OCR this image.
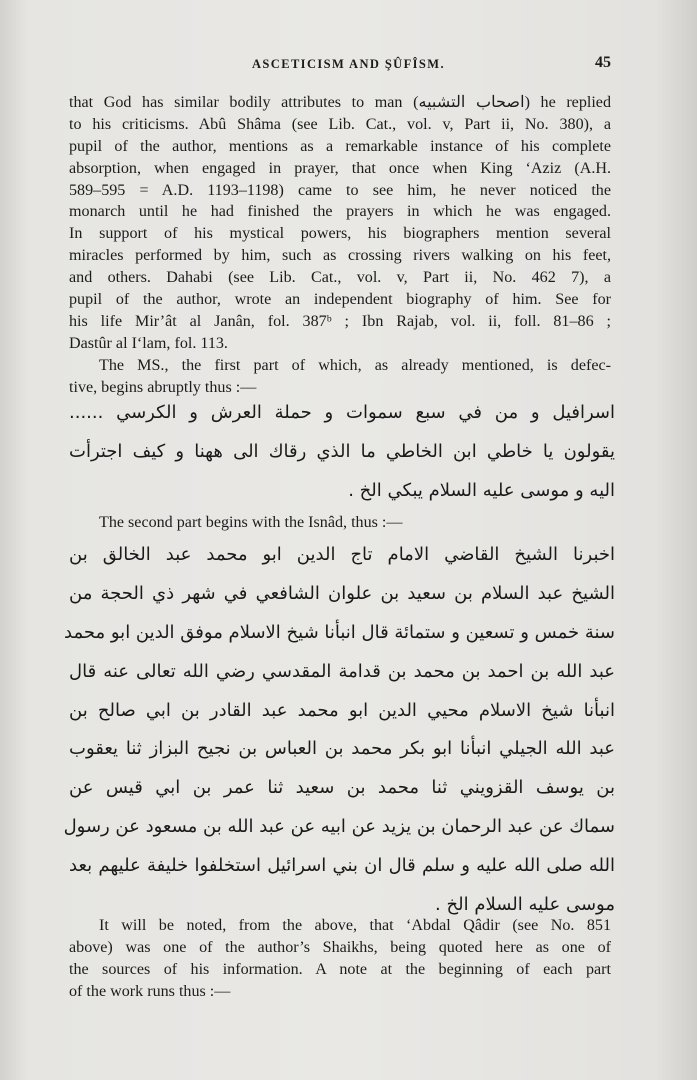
ASCETICISM AND ŞÛFÎSM.	45
that God has similar bodily attributes to man (اصحاب التشبيه) he replied
to his criticisms. Abû Shâma (see Lib. Cat., vol. v, Part ii, No. 380), a
pupil of the author, mentions as a remarkable instance of his complete
absorption, when engaged in prayer, that once when King ‘Aziz (A.H.
589–595 = A.D. 1193–1198) came to see him, he never noticed the
monarch until he had finished the prayers in which he was engaged.
In support of his mystical powers, his biographers mention several
miracles performed by him, such as crossing rivers walking on his feet,
and others. Dahabi (see Lib. Cat., vol. v, Part ii, No. 462 7), a
pupil of the author, wrote an independent biography of him. See for
his life Mir’ât al Janân, fol. 387ᵇ ; Ibn Rajab, vol. ii, foll. 81–86 ;
Dastûr al I‘lam, fol. 113.
The MS., the first part of which, as already mentioned, is defec-
tive, begins abruptly thus :—
اسرافيل و من في سبع سموات و حملة العرش و الكرسي ......
يقولون يا خاطي ابن الخاطي ما الذي رقاك الى ههنا و كيف اجترأت
اليه و موسى عليه السلام يبكي الخ .
The second part begins with the Isnâd, thus :—
اخبرنا الشيخ القاضي الامام تاج الدين ابو محمد عبد الخالق بن
الشيخ عبد السلام بن سعيد بن علوان الشافعي في شهر ذي الحجة من
سنة خمس و تسعين و ستمائة قال انبأنا شيخ الاسلام موفق الدين ابو محمد
عبد الله بن احمد بن محمد بن قدامة المقدسي رضي الله تعالى عنه قال
انبأنا شيخ الاسلام محيي الدين ابو محمد عبد القادر بن ابي صالح بن
عبد الله الجيلي انبأنا ابو بكر محمد بن العباس بن نجيح البزاز ثنا يعقوب
بن يوسف القزويني ثنا محمد بن سعيد ثنا عمر بن ابي قيس عن
سماك عن عبد الرحمان بن يزيد عن ابيه عن عبد الله بن مسعود عن رسول
الله صلى الله عليه و سلم قال ان بني اسرائيل استخلفوا خليفة عليهم بعد
موسى عليه السلام الخ .
It will be noted, from the above, that ‘Abdal Qâdir (see No. 851
above) was one of the author’s Shaikhs, being quoted here as one of
the sources of his information. A note at the beginning of each part
of the work runs thus :—
